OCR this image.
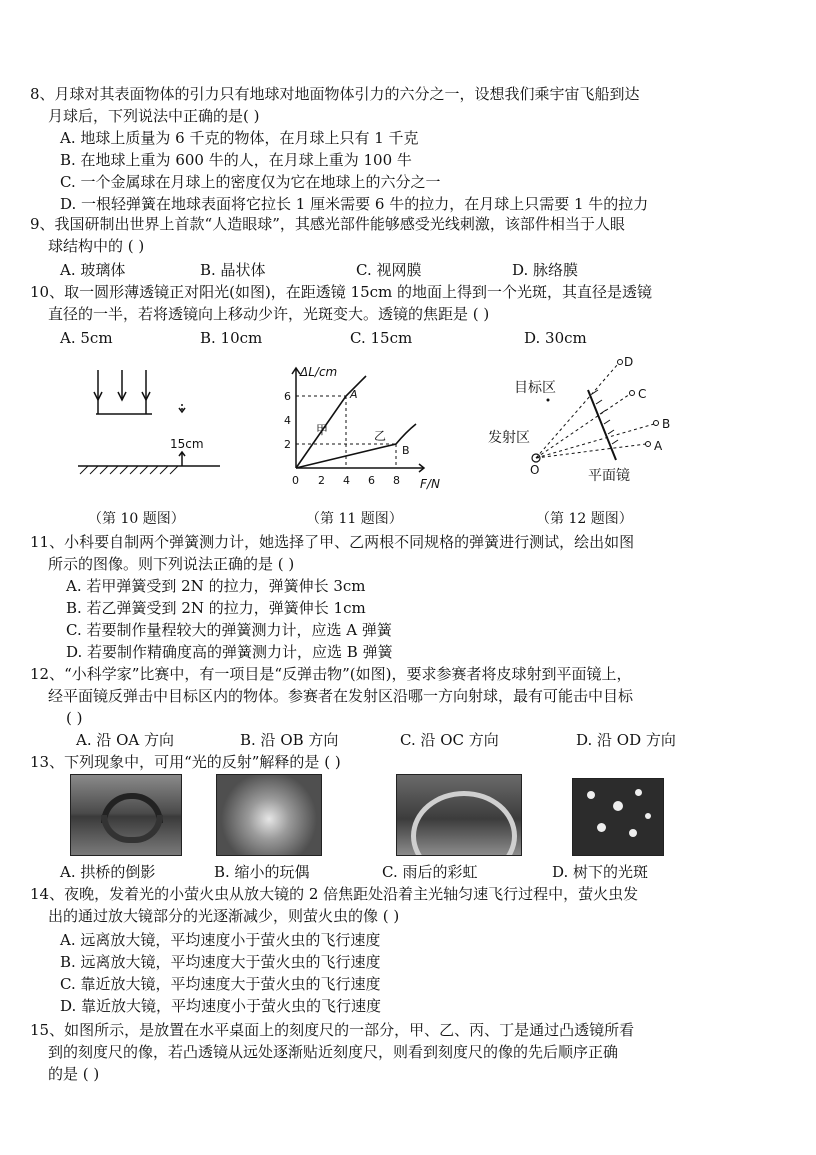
8、月球对其表面物体的引力只有地球对地面物体引力的六分之一，设想我们乘宇宙飞船到达
月球后，下列说法中正确的是( )
A. 地球上质量为 6 千克的物体，在月球上只有 1 千克
B. 在地球上重为 600 牛的人，在月球上重为 100 牛
C. 一个金属球在月球上的密度仅为它在地球上的六分之一
D. 一根轻弹簧在地球表面将它拉长 1 厘米需要 6 牛的拉力，在月球上只需要 1 牛的拉力
9、我国研制出世界上首款“人造眼球”，其感光部件能够感受光线刺激，该部件相当于人眼
球结构中的 ( )
A. 玻璃体	B. 晶状体	C. 视网膜	D. 脉络膜
10、取一圆形薄透镜正对阳光(如图)，在距透镜 15cm 的地面上得到一个光斑，其直径是透镜
直径的一半，若将透镜向上移动少许，光斑变大。透镜的焦距是 ( )
A. 5cm	B. 10cm	C. 15cm	D. 30cm
15cm
（第 10 题图）
ΔL/cm
F/N
2
4
6
0 2 4 6 8
A
B
甲	乙
（第 11 题图）
目标区
发射区
平面镜
O
A
B
C
D
（第 12 题图）
11、小科要自制两个弹簧测力计，她选择了甲、乙两根不同规格的弹簧进行测试，绘出如图
所示的图像。则下列说法正确的是 ( )
A. 若甲弹簧受到 2N 的拉力，弹簧伸长 3cm
B. 若乙弹簧受到 2N 的拉力，弹簧伸长 1cm
C. 若要制作量程较大的弹簧测力计，应选 A 弹簧
D. 若要制作精确度高的弹簧测力计，应选 B 弹簧
12、“小科学家”比赛中，有一项目是“反弹击物”(如图)，要求参赛者将皮球射到平面镜上，
经平面镜反弹击中目标区内的物体。参赛者在发射区沿哪一方向射球，最有可能击中目标
( )
A. 沿 OA 方向	B. 沿 OB 方向	C. 沿 OC 方向	D. 沿 OD 方向
13、下列现象中，可用“光的反射”解释的是 ( )
A. 拱桥的倒影	B. 缩小的玩偶	C. 雨后的彩虹	D. 树下的光斑
14、夜晚，发着光的小萤火虫从放大镜的 2 倍焦距处沿着主光轴匀速飞行过程中，萤火虫发
出的通过放大镜部分的光逐渐减少，则萤火虫的像 ( )
A. 远离放大镜，平均速度小于萤火虫的飞行速度
B. 远离放大镜，平均速度大于萤火虫的飞行速度
C. 靠近放大镜，平均速度大于萤火虫的飞行速度
D. 靠近放大镜，平均速度小于萤火虫的飞行速度
15、如图所示，是放置在水平桌面上的刻度尺的一部分，甲、乙、丙、丁是通过凸透镜所看
到的刻度尺的像，若凸透镜从远处逐渐贴近刻度尺，则看到刻度尺的像的先后顺序正确
的是 ( )
